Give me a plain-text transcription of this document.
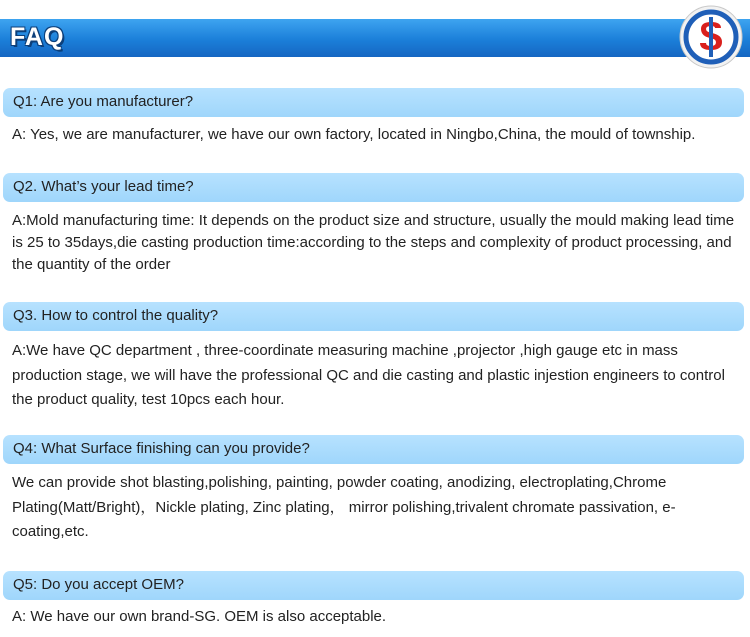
FAQ
Q1: Are you manufacturer?
A: Yes, we are manufacturer, we have our own factory, located in Ningbo,China, the mould of township.
Q2. What’s your lead time?
A:Mold manufacturing time: It depends on the product size and structure, usually the mould making lead time is 25 to 35days,die casting production time:according to the steps and complexity of product processing, and the quantity of the order
Q3. How to control the quality?
A:We have QC department , three-coordinate measuring machine ,projector ,high gauge etc in mass production stage, we will have the professional QC and die casting and plastic injestion engineers to control the product quality, test 10pcs each hour.
Q4: What Surface finishing can you provide?
We can provide shot blasting,polishing, painting, powder coating, anodizing, electroplating,Chrome Plating(Matt/Bright)，Nickle plating, Zinc plating， mirror polishing,trivalent chromate passivation, e-coating,etc.
Q5: Do you accept OEM?
A: We have our own brand-SG. OEM is also acceptable.
